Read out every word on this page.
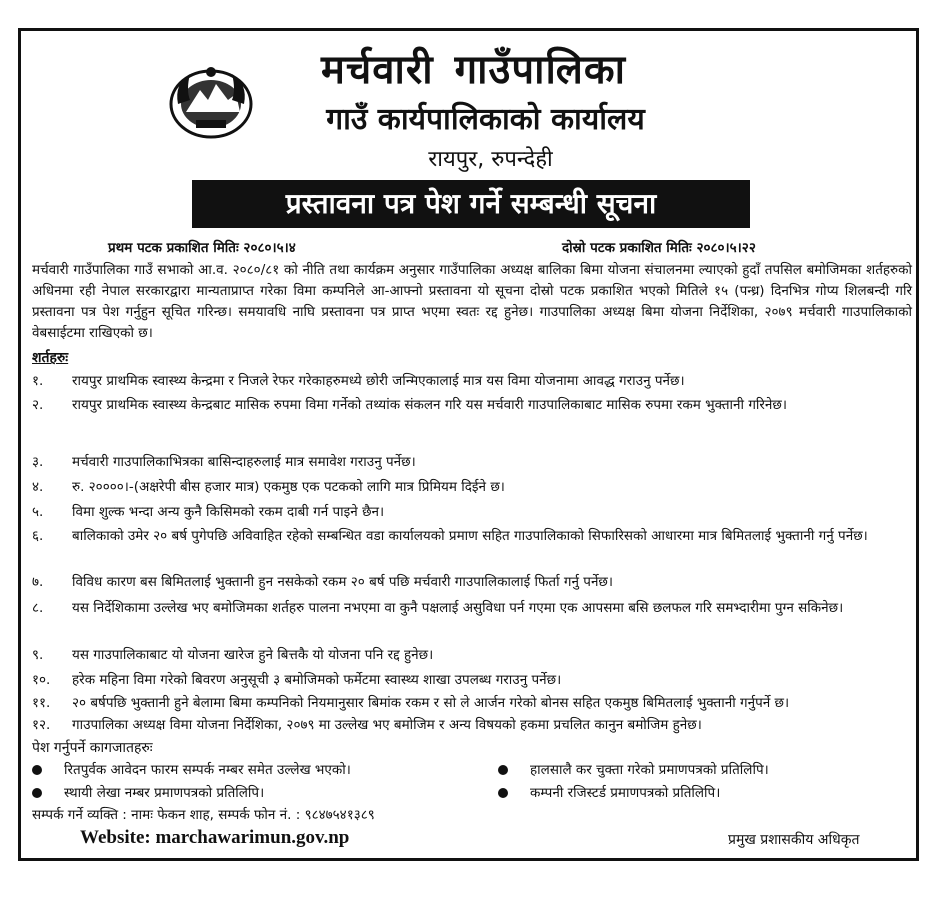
मर्चवारी गाउँपालिका
गाउँ कार्यपालिकाको कार्यालय
रायपुर, रुपन्देही
प्रस्तावना पत्र पेश गर्ने सम्बन्धी सूचना
प्रथम पटक प्रकाशित मितिः २०८०।५।४	दोस्रो पटक प्रकाशित मितिः २०८०।५।२२
मर्चवारी गाउँपालिका गाउँ सभाको आ.व. २०८०/८१ को नीति तथा कार्यक्रम अनुसार गाउँपालिका अध्यक्ष बालिका बिमा योजना संचालनमा ल्याएको हुदाँ तपसिल बमोजिमका शर्तहरुको अधिनमा रही नेपाल सरकारद्वारा मान्यताप्राप्त गरेका विमा कम्पनिले आ-आफ्नो प्रस्तावना यो सूचना दोस्रो पटक प्रकाशित भएको मितिले १५ (पन्ध्र) दिनभित्र गोप्य शिलबन्दी गरि प्रस्तावना पत्र पेश गर्नुहुन सूचित गरिन्छ। समयावधि नाघि प्रस्तावना पत्र प्राप्त भएमा स्वतः रद्द हुनेछ। गाउपालिका अध्यक्ष बिमा योजना निर्देशिका, २०७९ मर्चवारी गाउपालिकाको वेबसाईटमा राखिएको छ।
शर्तहरुः
१.	रायपुर प्राथमिक स्वास्थ्य केन्द्रमा र निजले रेफर गरेकाहरुमध्ये छोरी जन्मिएकालाई मात्र यस विमा योजनामा आवद्ध गराउनु पर्नेछ।
२.	रायपुर प्राथमिक स्वास्थ्य केन्द्रबाट मासिक रुपमा विमा गर्नेको तथ्यांक संकलन गरि यस मर्चवारी गाउपालिकाबाट मासिक रुपमा रकम भुक्तानी गरिनेछ।
३.	मर्चवारी गाउपालिकाभित्रका बासिन्दाहरुलाई मात्र समावेश गराउनु पर्नेछ।
४.	रु. २००००।-(अक्षरेपी बीस हजार मात्र) एकमुष्ठ एक पटकको लागि मात्र प्रिमियम दिईने छ।
५.	विमा शुल्क भन्दा अन्य कुनै किसिमको रकम दाबी गर्न पाइने छैन।
६.	बालिकाको उमेर २० बर्ष पुगेपछि अविवाहित रहेको सम्बन्धित वडा कार्यालयको प्रमाण सहित गाउपालिकाको सिफारिसको आधारमा मात्र बिमितलाई भुक्तानी गर्नु पर्नेछ।
७.	विविध कारण बस बिमितलाई भुक्तानी हुन नसकेको रकम २० बर्ष पछि मर्चवारी गाउपालिकालाई फिर्ता गर्नु पर्नेछ।
८.	यस निर्देशिकामा उल्लेख भए बमोजिमका शर्तहरु पालना नभएमा वा कुनै पक्षलाई असुविधा पर्न गएमा एक आपसमा बसि छलफल गरि समभ्दारीमा पुग्न सकिनेछ।
९.	यस गाउपालिकाबाट यो योजना खारेज हुने बित्तकै यो योजना पनि रद्द हुनेछ।
१०.	हरेक महिना विमा गरेको बिवरण अनुसूची ३ बमोजिमको फर्मेटमा स्वास्थ्य शाखा उपलब्ध गराउनु पर्नेछ।
११.	२० बर्षपछि भुक्तानी हुने बेलामा बिमा कम्पनिको नियमानुसार बिमांक रकम र सो ले आर्जन गरेको बोनस सहित एकमुष्ठ बिमितलाई भुक्तानी गर्नुपर्ने छ।
१२.	गाउपालिका अध्यक्ष विमा योजना निर्देशिका, २०७९ मा उल्लेख भए बमोजिम र अन्य विषयको हकमा प्रचलित कानुन बमोजिम हुनेछ।
पेश गर्नुपर्ने कागजातहरुः
रितपुर्वक आवेदन फारम सम्पर्क नम्बर समेत उल्लेख भएको।	हालसालै कर चुक्ता गरेको प्रमाणपत्रको प्रतिलिपि।
स्थायी लेखा नम्बर प्रमाणपत्रको प्रतिलिपि।	कम्पनी रजिस्टर्ड प्रमाणपत्रको प्रतिलिपि।
सम्पर्क गर्ने व्यक्ति : नामः फेकन शाह, सम्पर्क फोन नं. : ९८४७५४१३८९
Website: marchawarimun.gov.np	प्रमुख प्रशासकीय अधिकृत
